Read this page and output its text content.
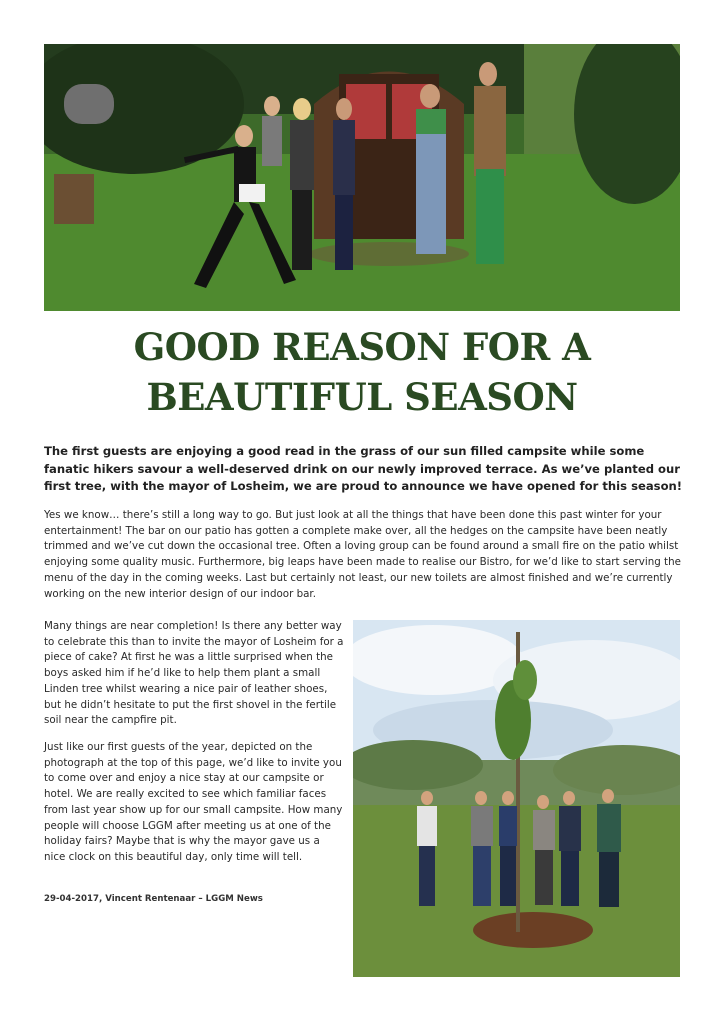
GOOD REASON FOR A
BEAUTIFUL SEASON

The first guests are enjoying a good read in the grass of our sun filled campsite while some fanatic hikers savour a well-deserved drink on our newly improved terrace. As we’ve planted our first tree, with the mayor of Losheim, we are proud to announce we have opened for this season!

Yes we know… there’s still a long way to go. But just look at all the things that have been done this past winter for your entertainment! The bar on our patio has gotten a complete make over, all the hedges on the campsite have been neatly trimmed and we’ve cut down the occasional tree. Often a loving group can be found around a small fire on the patio whilst enjoying some quality music. Furthermore, big leaps have been made to realise our Bistro, for we’d like to start serving the menu of the day in the coming weeks. Last but certainly not least, our new toilets are almost finished and we’re currently working on the new interior design of our indoor bar.

Many things are near completion! Is there any better way to celebrate this than to invite the mayor of Losheim for a piece of cake? At first he was a little surprised when the boys asked him if he’d like to help them plant a small Linden tree whilst wearing a nice pair of leather shoes, but he didn’t hesitate to put the first shovel in the fertile soil near the campfire pit.

Just like our first guests of the year, depicted on the photograph at the top of this page, we’d like to invite you to come over and enjoy a nice stay at our campsite or hotel. We are really excited to see which familiar faces from last year show up for our small campsite. How many people will choose LGGM after meeting us at one of the holiday fairs? Maybe that is why the mayor gave us a nice clock on this beautiful day, only time will tell.

29-04-2017, Vincent Rentenaar – LGGM News
